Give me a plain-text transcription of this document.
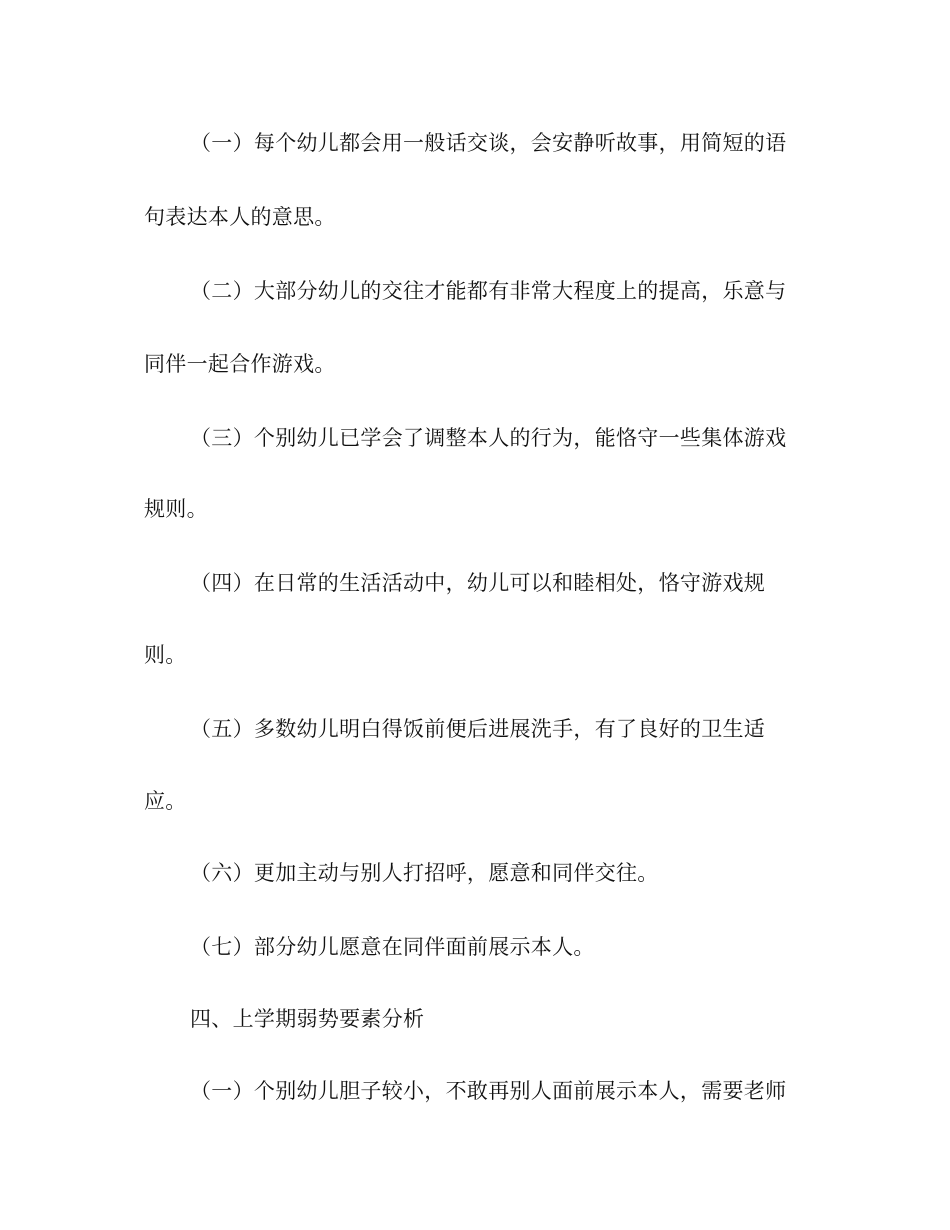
（一）每个幼儿都会用一般话交谈，会安静听故事，用简短的语
句表达本人的意思。
（二）大部分幼儿的交往才能都有非常大程度上的提高，乐意与
同伴一起合作游戏。
（三）个别幼儿已学会了调整本人的行为，能恪守一些集体游戏
规则。
（四）在日常的生活活动中，幼儿可以和睦相处，恪守游戏规
则。
（五）多数幼儿明白得饭前便后进展洗手，有了良好的卫生适
应。
（六）更加主动与别人打招呼，愿意和同伴交往。
（七）部分幼儿愿意在同伴面前展示本人。
四、上学期弱势要素分析
（一）个别幼儿胆子较小，不敢再别人面前展示本人，需要老师
